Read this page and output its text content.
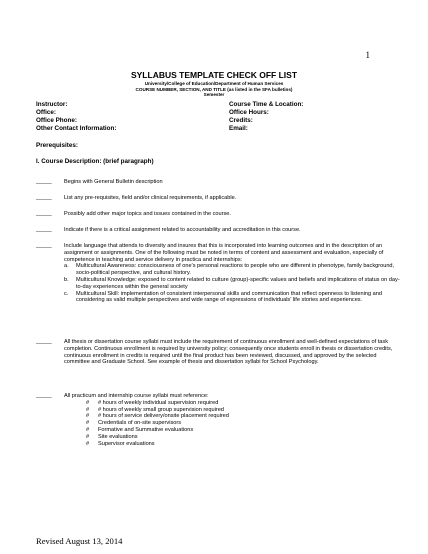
1
SYLLABUS TEMPLATE CHECK OFF LIST
University/College of Education/Department of Human Services
COURSE NUMBER, SECTION, AND TITLE (as listed in the SFA bulletins)
Semester
Instructor:
Office:
Office Phone:
Other Contact Information:
Course Time & Location:
Office Hours:
Credits:
Email:
Prerequisites:
I. Course Description: (brief paragraph)
_____ Begins with General Bulletin description
_____ List any pre-requisites, field and/or clinical requirements, if applicable.
_____ Possibly add other major topics and issues contained in the course.
_____ Indicate if there is a critical assignment related to accountability and accreditation in this course.
_____ Include language that attends to diversity and insures that this is incorporated into learning outcomes and in the description of an assignment or assignments. One of the following must be noted in terms of content and assessment and evaluation, especially of competence in teaching and service delivery in practica and internships:
a. Multicultural Awareness: consciousness of one’s personal reactions to people who are different in phenotype, family background, socio-political perspective, and cultural history.
b. Multicultural Knowledge: exposed to content related to culture (group)-specific values and beliefs and implications of status on day-to-day experiences within the general society
c. Multicultural Skill: implementation of consistent interpersonal skills and communication that reflect openness to listening and considering as valid multiple perspectives and wide range of expressions of individuals’ life stories and experiences.
_____ All thesis or dissertation course syllabi must include the requirement of continuous enrollment and well-defined expectations of task completion. Continuous enrollment is required by university policy; consequently once students enroll in thesis or dissertation credits, continuous enrollment in credits is required until the final product has been reviewed, discussed, and approved by the selected committee and Graduate School. See example of thesis and dissertation syllabi for School Psychology.
_____ All practicum and internship course syllabi must reference:
# # hours of weekly individual supervision required
# # hours of weekly small group supervision required
# # hours of service delivery/onsite placement required
# Credentials of on-site supervisors
# Formative and Summative evaluations
# Site evaluations
# Supervisor evaluations
Revised August 13, 2014
